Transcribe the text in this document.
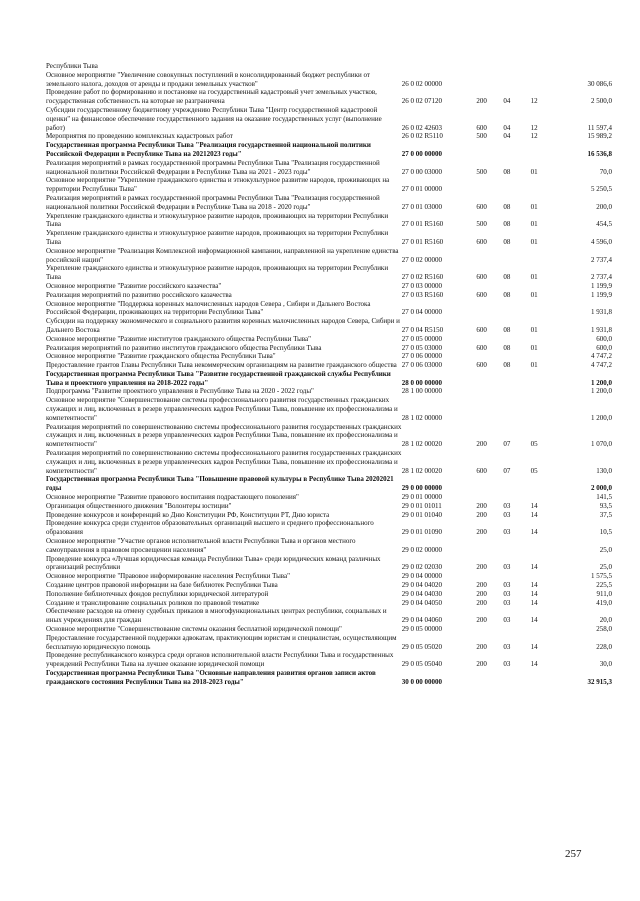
Республики Тыва					
Основное мероприятие "Увеличение совокупных поступлений в консолидированный бюджет республики от земельного налога, доходов от аренды и продажи земельных участков"	26 0 02 00000				30 086,6
Проведение работ по формированию и постановке на государственный кадастровый учет земельных участков, государственная собственность на которые не разграничена	26 0 02 07120	200	04	12	2 500,0
Субсидии государственному бюджетному учреждению Республики Тыва "Центр государственной кадастровой оценки" на финансовое обеспечение государственного задания на оказание государственных услуг (выполнение работ)	26 0 02 42603	600	04	12	11 597,4
Мероприятия по проведению комплексных кадастровых работ	26 0 02 R5110	500	04	12	15 989,2
Государственная программа Республики Тыва "Реализация государственной национальной политики Российской Федерации в Республике Тыва на 20212023 годы"	27 0 00 00000				16 536,8
Реализация мероприятий в рамках государственной программы Республики Тыва "Реализация государственной национальной политики Российской Федерации в Республике Тыва на 2021 - 2023 годы"	27 0 00 03000	500	08	01	70,0
Основное мероприятие "Укрепление гражданского единства и этнокультурное развитие народов, проживающих на территории Республики Тыва"	27 0 01 00000				5 250,5
Реализация мероприятий в рамках государственной программы Республики Тыва "Реализация государственной национальной политики Российской Федерации в Республике Тыва на 2018 - 2020 годы"	27 0 01 03000	600	08	01	200,0
Укрепление гражданского единства и этнокультурное развитие народов, проживающих на территории Республики Тыва	27 0 01 R5160	500	08	01	454,5
Укрепление гражданского единства и этнокультурное развитие народов, проживающих на территории Республики Тыва	27 0 01 R5160	600	08	01	4 596,0
Основное мероприятие "Реализация Комплексной информационной кампании, направленной на укрепление единства российской нации"	27 0 02 00000				2 737,4
Укрепление гражданского единства и этнокультурное развитие народов, проживающих на территории Республики Тыва	27 0 02 R5160	600	08	01	2 737,4
Основное мероприятие "Развитие российского казачества"	27 0 03 00000				1 199,9
Реализация мероприятий по развитию российского казачества	27 0 03 R5160	600	08	01	1 199,9
Основное мероприятие "Поддержка коренных малочисленных народов Севера , Сибири и Дальнего Востока Российской Федерации, проживающих на территории Республики Тыва"	27 0 04 00000				1 931,8
Субсидии на поддержку экономического и социального развития коренных малочисленных народов Севера, Сибири и Дальнего Востока	27 0 04 R5150	600	08	01	1 931,8
Основное мероприятие "Развитие институтов гражданского общества Республики Тыва"	27 0 05 00000				600,0
Реализация мероприятий по развитию институтов гражданского общества Республики Тыва	27 0 05 03000	600	08	01	600,0
Основное мероприятие "Развитие гражданского общества Республики Тыва"	27 0 06 00000				4 747,2
Предоставление грантов Главы Республики Тыва некоммерческим организациям на развитие гражданского общества	27 0 06 03000	600	08	01	4 747,2
Государственная программа Республики Тыва "Развитие государственной гражданской службы Республики Тыва и проектного управления на 2018-2022 годы"	28 0 00 00000				1 200,0
Подпрограмма "Развитие проектного управления в Республике Тыва на 2020 - 2022 годы"	28 1 00 00000				1 200,0
Основное мероприятие "Совершенствование системы профессионального развития государственных гражданских служащих и лиц, включенных в резерв управленческих кадров Республики Тыва, повышение их профессионализма и компетентности"	28 1 02 00000				1 200,0
Реализация мероприятий по совершенствованию системы профессионального развития государственных гражданских служащих и лиц, включенных в резерв управленческих кадров Республики Тыва, повышение их профессионализма и компетентности"	28 1 02 00020	200	07	05	1 070,0
Реализация мероприятий по совершенствованию системы профессионального развития государственных гражданских служащих и лиц, включенных в резерв управленческих кадров Республики Тыва, повышение их профессионализма и компетентности"	28 1 02 00020	600	07	05	130,0
Государственная программа Республики Тыва "Повышение правовой культуры в Республике Тыва 20202021 годы	29 0 00 00000				2 000,0
Основное мероприятие "Развитие правового воспитания подрастающего поколения"	29 0 01 00000				141,5
Организация общественного движения "Волонтеры юстиции"	29 0 01 01011	200	03	14	93,5
Проведение конкурсов и конференций ко Дню Конституции РФ, Конституции РТ, Дню юриста	29 0 01 01040	200	03	14	37,5
Проведение конкурса среди студентов образовательных организаций высшего и среднего профессионального образования	29 0 01 01090	200	03	14	10,5
Основное мероприятие "Участие органов исполнительной власти Республики Тыва и органов местного самоуправления в правовом просвещении населения"	29 0 02 00000				25,0
Проведение конкурса «Лучшая юридическая команда Республики Тыва» среди юридических команд различных организаций республики	29 0 02 02030	200	03	14	25,0
Основное мероприятие "Правовое информирование населения Республики Тыва"	29 0 04 00000				1 575,5
Создание центров правовой информации на базе библиотек Республики Тыва	29 0 04 04020	200	03	14	225,5
Пополнение библиотечных фондов республики юридической литературой	29 0 04 04030	200	03	14	911,0
Создание и транслирование социальных роликов по правовой тематике	29 0 04 04050	200	03	14	419,0
Обеспечение расходов на отмену судебных приказов в многофункциональных центрах республики, социальных и иных учреждениях для граждан	29 0 04 04060	200	03	14	20,0
Основное мероприятие "Совершенствование системы оказания бесплатной юридической помощи"	29 0 05 00000				258,0
Предоставление государственной поддержки адвокатам, практикующим юристам и специалистам, осуществляющим бесплатную юридическую помощь	29 0 05 05020	200	03	14	228,0
Проведение республиканского конкурса среди органов исполнительной власти Республики Тыва и государственных учреждений Республики Тыва на лучшее оказание юридической помощи	29 0 05 05040	200	03	14	30,0
Государственная программа Республики Тыва "Основные направления развития органов записи актов гражданского состояния Республики Тыва на 2018-2023 годы"	30 0 00 00000				32 915,3
257
